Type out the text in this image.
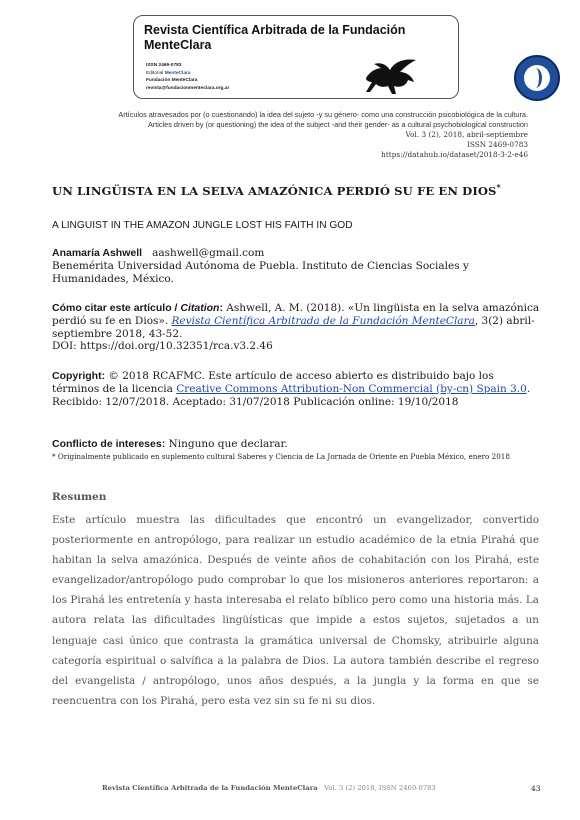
Revista Científica Arbitrada de la Fundación MenteClara
ISSN 2469-0783
Editorial MenteClara
Fundación MenteClara
revista@fundacionmenteclara.org.ar
Artículos atravesados por (o cuestionando) la idea del sujeto -y su género- como una construcción psicobiológica de la cultura.
Articles driven by (or questioning) the idea of the subject -and their gender- as a cultural psychobiological construction
Vol. 3 (2), 2018, abril-septiembre
ISSN 2469-0783
https://datahub.io/dataset/2018-3-2-e46
UN LINGÜISTA EN LA SELVA AMAZÓNICA PERDIÓ SU FE EN DIOS*
A LINGUIST IN THE AMAZON JUNGLE LOST HIS FAITH IN GOD
Anamaría Ashwell aashwell@gmail.com
Benemérita Universidad Autónoma de Puebla. Instituto de Ciencias Sociales y Humanidades, México.
Cómo citar este artículo / Citation: Ashwell, A. M. (2018). «Un lingüista en la selva amazónica perdió su fe en Dios». Revista Científica Arbitrada de la Fundación MenteClara, 3(2) abril-septiembre 2018, 43-52.
DOI: https://doi.org/10.32351/rca.v3.2.46
Copyright: © 2018 RCAFMC. Este artículo de acceso abierto es distribuido bajo los términos de la licencia Creative Commons Attribution-Non Commercial (by-cn) Spain 3.0. Recibido: 12/07/2018. Aceptado: 31/07/2018 Publicación online: 19/10/2018
Conflicto de intereses: Ninguno que declarar.
* Originalmente publicado en suplemento cultural Saberes y Ciencia de La Jornada de Oriente en Puebla México, enero 2018
Resumen
Este artículo muestra las dificultades que encontró un evangelizador, convertido posteriormente en antropólogo, para realizar un estudio académico de la etnia Pirahá que habitan la selva amazónica. Después de veinte años de cohabitación con los Pirahá, este evangelizador/antropólogo pudo comprobar lo que los misioneros anteriores reportaron: a los Pirahá les entretenía y hasta interesaba el relato bíblico pero como una historia más. La autora relata las dificultades lingüísticas que impide a estos sujetos, sujetados a un lenguaje casi único que contrasta la gramática universal de Chomsky, atribuirle alguna categoría espiritual o salvífica a la palabra de Dios. La autora también describe el regreso del evangelista / antropólogo, unos años después, a la jungla y la forma en que se reencuentra con los Pirahá, pero esta vez sin su fe ni su dios.
Revista Científica Arbitrada de la Fundación MenteClara Vol. 3 (2) 2018, ISSN 2469-0783	43
